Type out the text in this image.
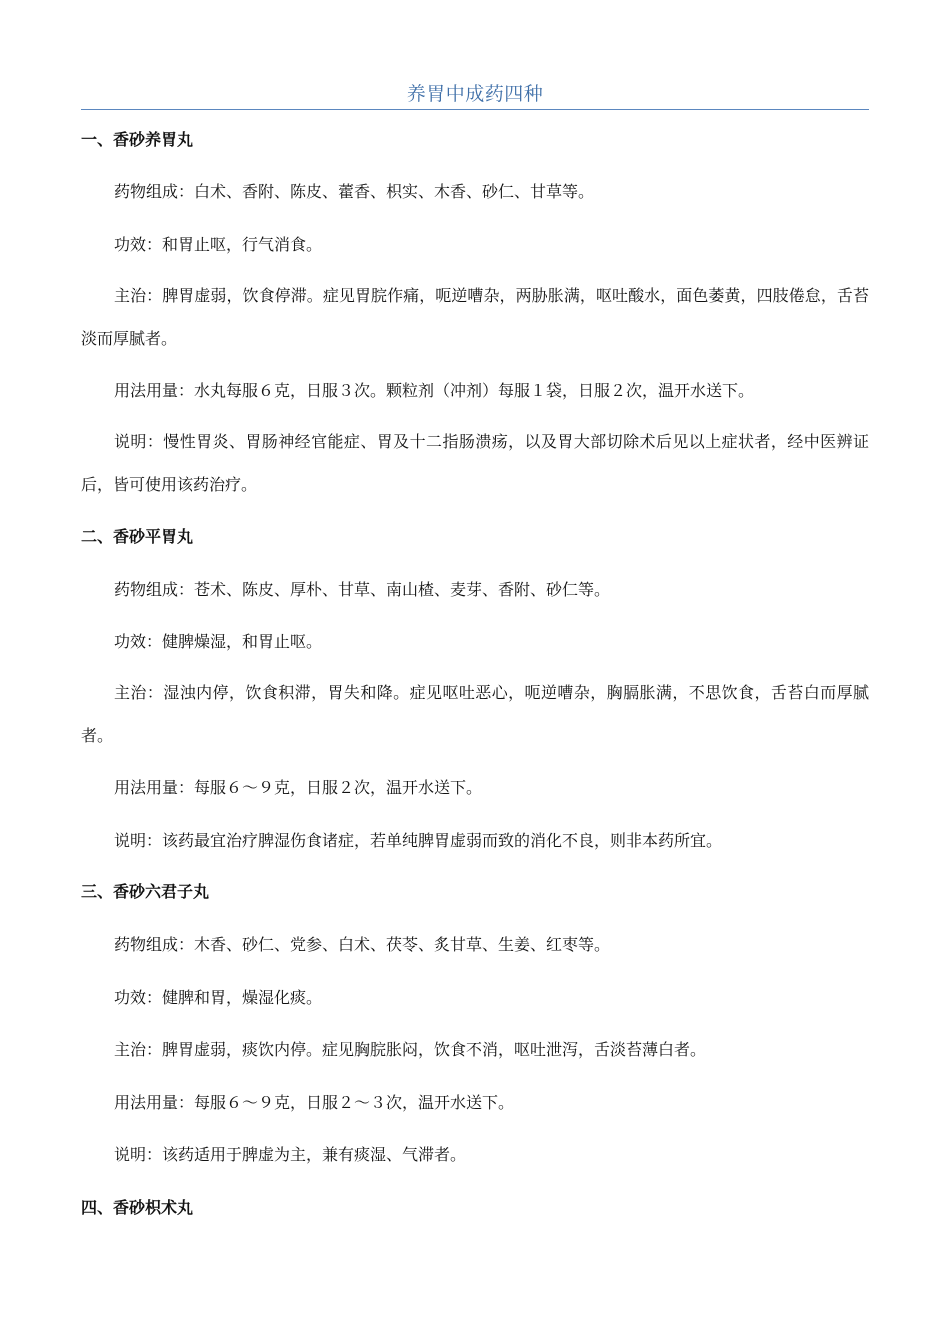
养胃中成药四种
一、香砂养胃丸
药物组成：白术、香附、陈皮、藿香、枳实、木香、砂仁、甘草等。
功效：和胃止呕，行气消食。

主治：脾胃虚弱，饮食停滞。症见胃脘作痛，呃逆嘈杂，两胁胀满，呕吐酸水，面色萎黄，四肢倦怠，舌苔淡而厚腻者。

用法用量：水丸每服６克，日服３次。颗粒剂（冲剂）每服１袋，日服２次，温开水送下。

说明：慢性胃炎、胃肠神经官能症、胃及十二指肠溃疡，以及胃大部切除术后见以上症状者，经中医辨证后，皆可使用该药治疗。

二、香砂平胃丸
药物组成：苍术、陈皮、厚朴、甘草、南山楂、麦芽、香附、砂仁等。
功效：健脾燥湿，和胃止呕。

主治：湿浊内停，饮食积滞，胃失和降。症见呕吐恶心，呃逆嘈杂，胸膈胀满，不思饮食，舌苔白而厚腻者。

用法用量：每服６～９克，日服２次，温开水送下。
说明：该药最宜治疗脾湿伤食诸症，若单纯脾胃虚弱而致的消化不良，则非本药所宜。
三、香砂六君子丸
药物组成：木香、砂仁、党参、白术、茯苓、炙甘草、生姜、红枣等。
功效：健脾和胃，燥湿化痰。
主治：脾胃虚弱，痰饮内停。症见胸脘胀闷，饮食不消，呕吐泄泻，舌淡苔薄白者。
用法用量：每服６～９克，日服２～３次，温开水送下。
说明：该药适用于脾虚为主，兼有痰湿、气滞者。
四、香砂枳术丸
